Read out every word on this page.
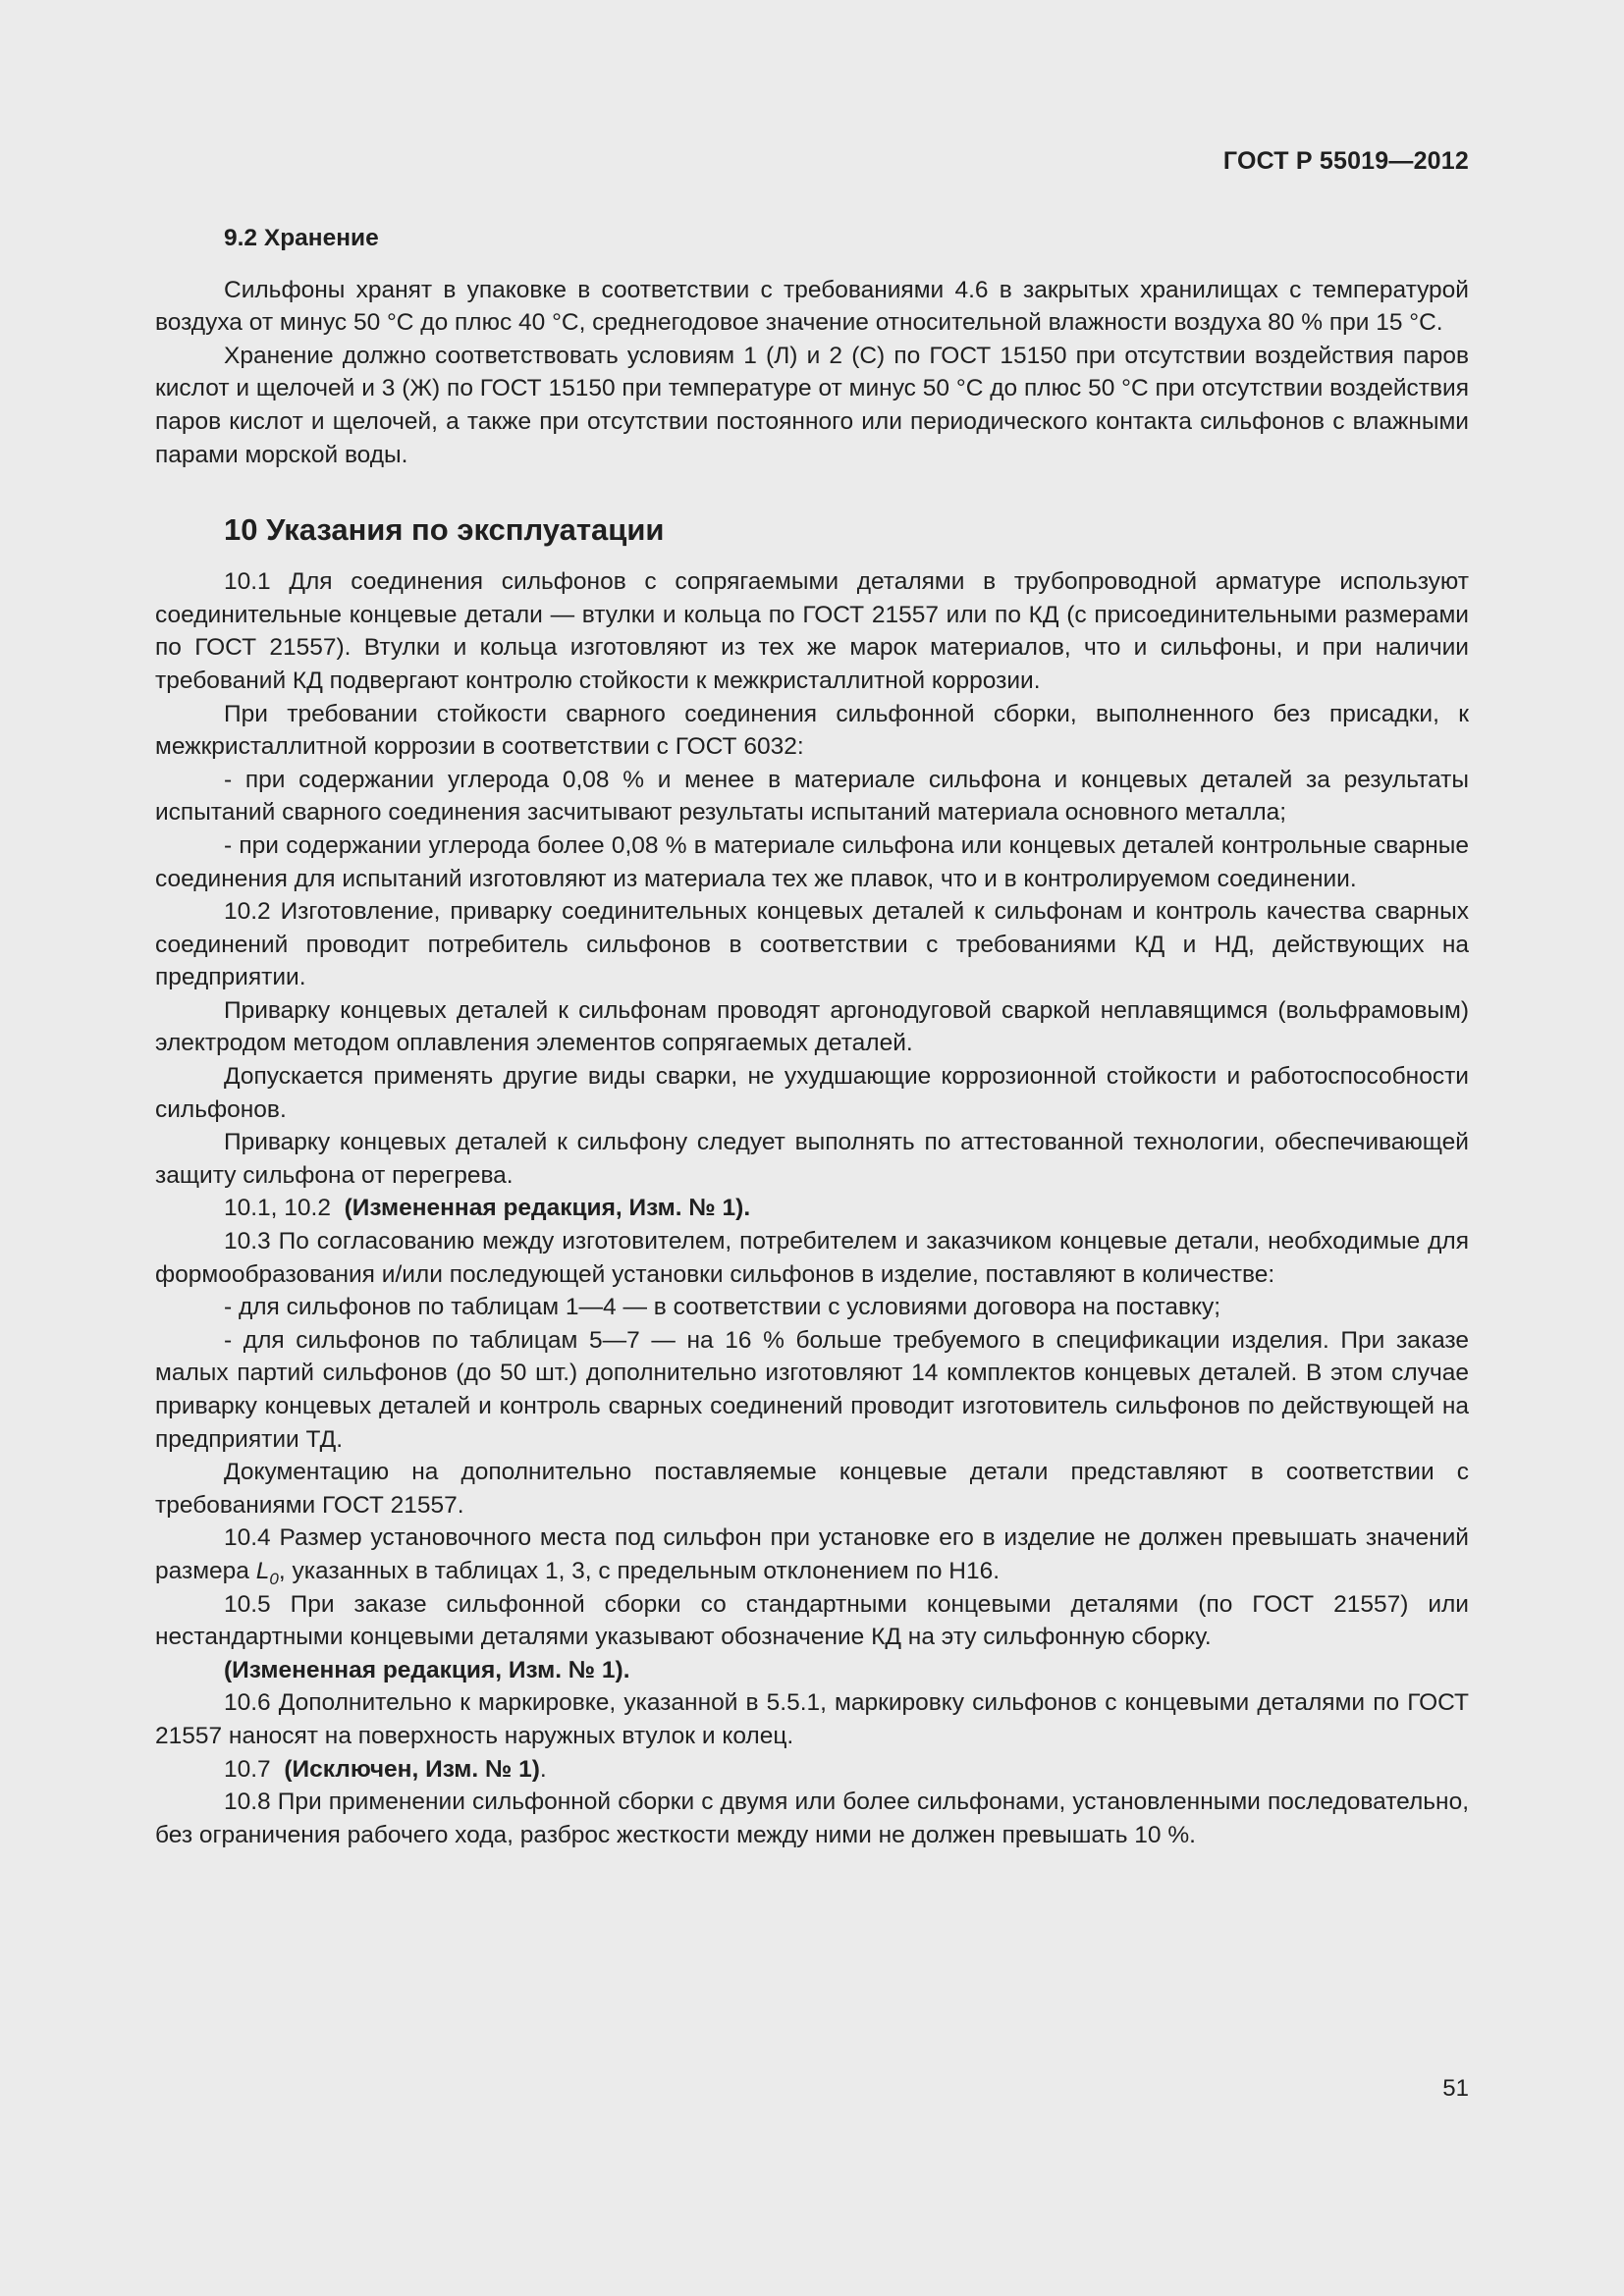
ГОСТ Р 55019—2012

9.2 Хранение

Сильфоны хранят в упаковке в соответствии с требованиями 4.6 в закрытых хранилищах с температурой воздуха от минус 50 °С до плюс 40 °С, среднегодовое значение относительной влажности воздуха 80 % при 15 °С.

Хранение должно соответствовать условиям 1 (Л) и 2 (С) по ГОСТ 15150 при отсутствии воздействия паров кислот и щелочей и 3 (Ж) по ГОСТ 15150 при температуре от минус 50 °С до плюс 50 °С при отсутствии воздействия паров кислот и щелочей, а также при отсутствии постоянного или периодического контакта сильфонов с влажными парами морской воды.

10 Указания по эксплуатации

10.1 Для соединения сильфонов с сопрягаемыми деталями в трубопроводной арматуре используют соединительные концевые детали — втулки и кольца по ГОСТ 21557 или по КД (с присоединительными размерами по ГОСТ 21557). Втулки и кольца изготовляют из тех же марок материалов, что и сильфоны, и при наличии требований КД подвергают контролю стойкости к межкристаллитной коррозии.

При требовании стойкости сварного соединения сильфонной сборки, выполненного без присадки, к межкристаллитной коррозии в соответствии с ГОСТ 6032:

- при содержании углерода 0,08 % и менее в материале сильфона и концевых деталей за результаты испытаний сварного соединения засчитывают результаты испытаний материала основного металла;

- при содержании углерода более 0,08 % в материале сильфона или концевых деталей контрольные сварные соединения для испытаний изготовляют из материала тех же плавок, что и в контролируемом соединении.

10.2 Изготовление, приварку соединительных концевых деталей к сильфонам и контроль качества сварных соединений проводит потребитель сильфонов в соответствии с требованиями КД и НД, действующих на предприятии.

Приварку концевых деталей к сильфонам проводят аргонодуговой сваркой неплавящимся (вольфрамовым) электродом методом оплавления элементов сопрягаемых деталей.

Допускается применять другие виды сварки, не ухудшающие коррозионной стойкости и работоспособности сильфонов.

Приварку концевых деталей к сильфону следует выполнять по аттестованной технологии, обеспечивающей защиту сильфона от перегрева.

10.1, 10.2 (Измененная редакция, Изм. № 1).

10.3 По согласованию между изготовителем, потребителем и заказчиком концевые детали, необходимые для формообразования и/или последующей установки сильфонов в изделие, поставляют в количестве:

- для сильфонов по таблицам 1—4 — в соответствии с условиями договора на поставку;

- для сильфонов по таблицам 5—7 — на 16 % больше требуемого в спецификации изделия. При заказе малых партий сильфонов (до 50 шт.) дополнительно изготовляют 14 комплектов концевых деталей. В этом случае приварку концевых деталей и контроль сварных соединений проводит изготовитель сильфонов по действующей на предприятии ТД.

Документацию на дополнительно поставляемые концевые детали представляют в соответствии с требованиями ГОСТ 21557.

10.4 Размер установочного места под сильфон при установке его в изделие не должен превышать значений размера $L_0$, указанных в таблицах 1, 3, с предельным отклонением по Н16.

10.5 При заказе сильфонной сборки со стандартными концевыми деталями (по ГОСТ 21557) или нестандартными концевыми деталями указывают обозначение КД на эту сильфонную сборку.

(Измененная редакция, Изм. № 1).

10.6 Дополнительно к маркировке, указанной в 5.5.1, маркировку сильфонов с концевыми деталями по ГОСТ 21557 наносят на поверхность наружных втулок и колец.

10.7 (Исключен, Изм. № 1).

10.8 При применении сильфонной сборки с двумя или более сильфонами, установленными последовательно, без ограничения рабочего хода, разброс жесткости между ними не должен превышать 10 %.

51
